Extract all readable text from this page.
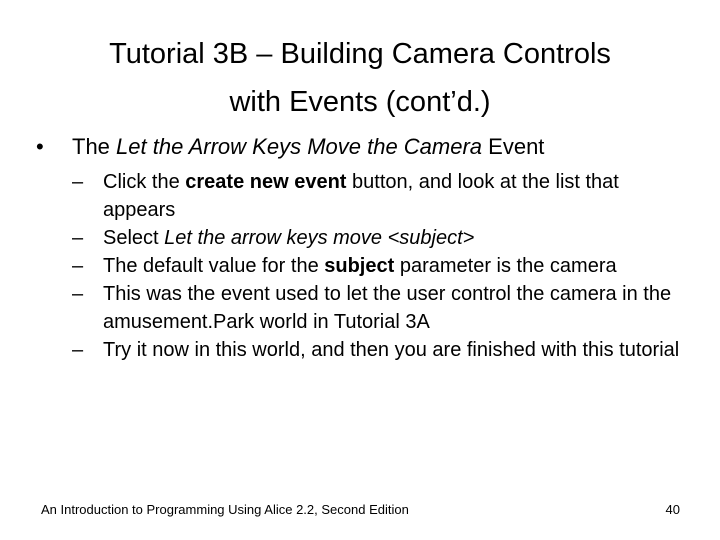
Tutorial 3B – Building Camera Controls
with Events (cont’d.)
• The Let the Arrow Keys Move the Camera Event
– Click the create new event button, and look at the list that appears
– Select Let the arrow keys move <subject>
– The default value for the subject parameter is the camera
– This was the event used to let the user control the camera in the amusement.Park world in Tutorial 3A
– Try it now in this world, and then you are finished with this tutorial
An Introduction to Programming Using Alice 2.2, Second Edition	40
